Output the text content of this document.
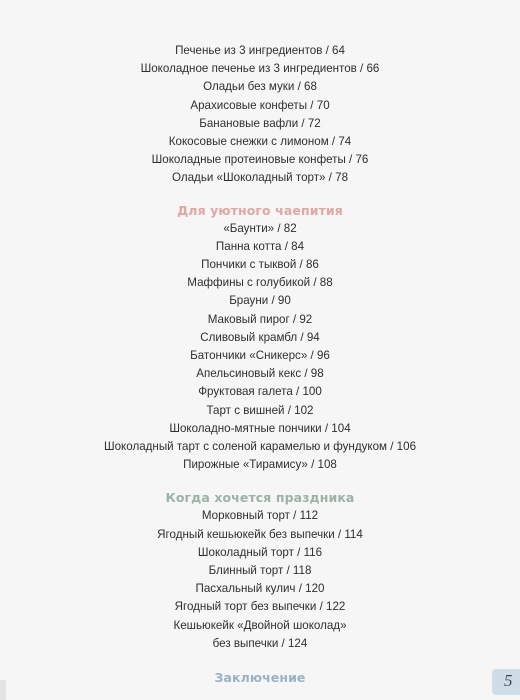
Печенье из 3 ингредиентов / 64
Шоколадное печенье из 3 ингредиентов / 66
Оладьи без муки / 68
Арахисовые конфеты / 70
Банановые вафли / 72
Кокосовые снежки с лимоном / 74
Шоколадные протеиновые конфеты / 76
Оладьи «Шоколадный торт» / 78
Для уютного чаепития
«Баунти» / 82
Панна котта / 84
Пончики с тыквой / 86
Маффины с голубикой / 88
Брауни / 90
Маковый пирог / 92
Сливовый крамбл / 94
Батончики «Сникерс» / 96
Апельсиновый кекс / 98
Фруктовая галета / 100
Тарт с вишней / 102
Шоколадно-мятные пончики / 104
Шоколадный тарт с соленой карамелью и фундуком / 106
Пирожные «Тирамису» / 108
Когда хочется праздника
Морковный торт / 112
Ягодный кешьюкейк без выпечки / 114
Шоколадный торт / 116
Блинный торт / 118
Пасхальный кулич / 120
Ягодный торт без выпечки / 122
Кешьюкейк «Двойной шоколад»
без выпечки / 124
Заключение	5
